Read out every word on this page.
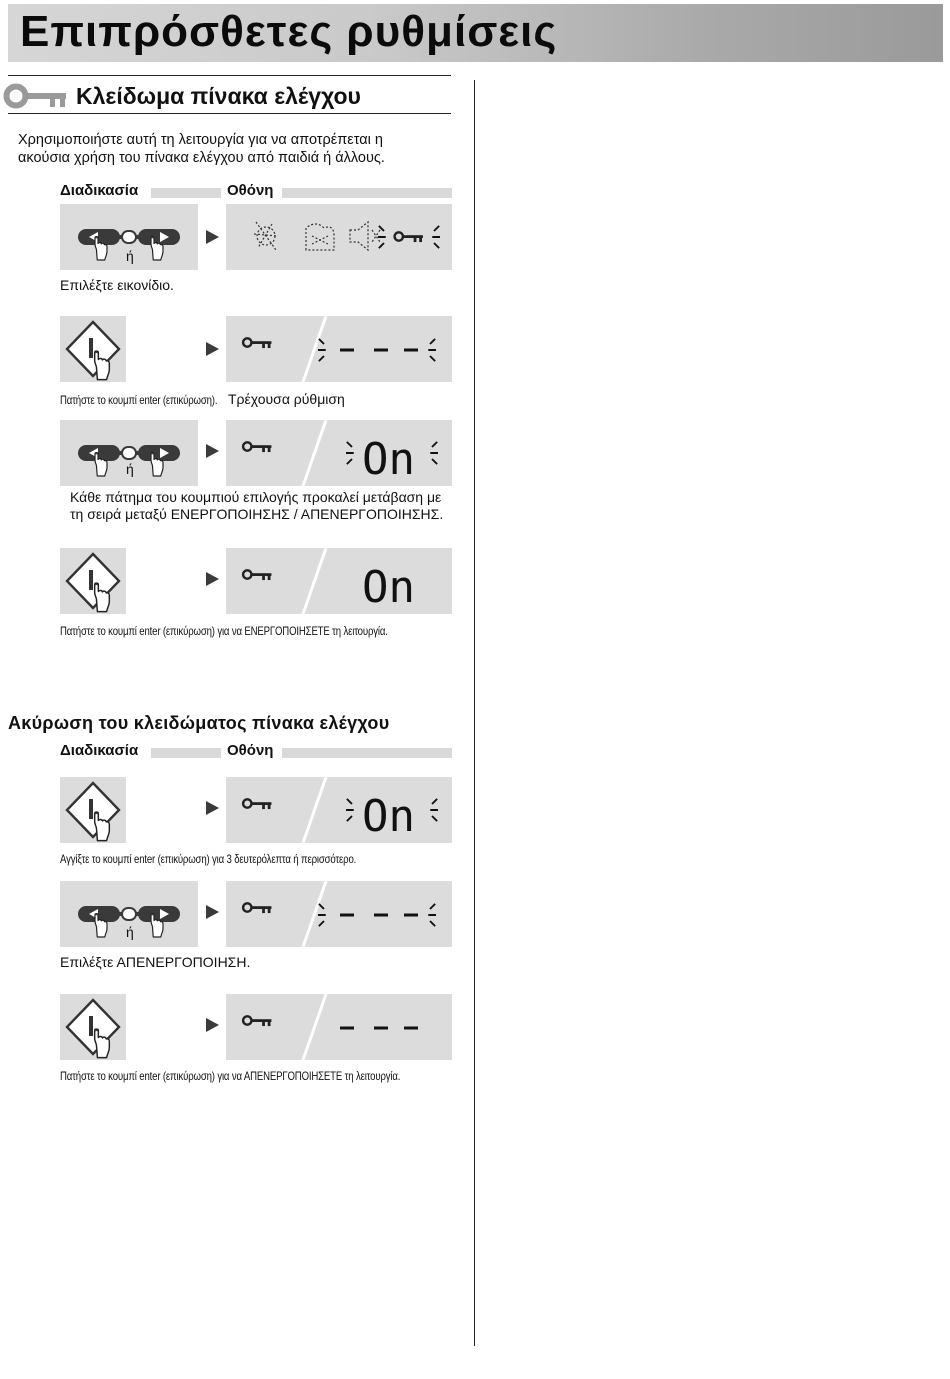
Επιπρόσθετες ρυθμίσεις
Κλείδωμα πίνακα ελέγχου
Χρησιμοποιήστε αυτή τη λειτουργία για να αποτρέπεται η
ακούσια χρήση του πίνακα ελέγχου από παιδιά ή άλλους.
Διαδικασία	Οθόνη
ή
Επιλέξτε εικονίδιο.
Πατήστε το κουμπί enter (επικύρωση). Τρέχουσα ρύθμιση
ή	On
Κάθε πάτημα του κουμπιού επιλογής προκαλεί μετάβαση με
τη σειρά μεταξύ ΕΝΕΡΓΟΠΟΙΗΣΗΣ / ΑΠΕΝΕΡΓΟΠΟΙΗΣΗΣ.
On
Πατήστε το κουμπί enter (επικύρωση) για να ΕΝΕΡΓΟΠΟΙΗΣΕΤΕ τη λειτουργία.
Ακύρωση του κλειδώματος πίνακα ελέγχου
Διαδικασία	Οθόνη
On
Αγγίξτε το κουμπί enter (επικύρωση) για 3 δευτερόλεπτα ή περισσότερο.
ή
Επιλέξτε ΑΠΕΝΕΡΓΟΠΟΙΗΣΗ.
Πατήστε το κουμπί enter (επικύρωση) για να ΑΠΕΝΕΡΓΟΠΟΙΗΣΕΤΕ τη λειτουργία.
